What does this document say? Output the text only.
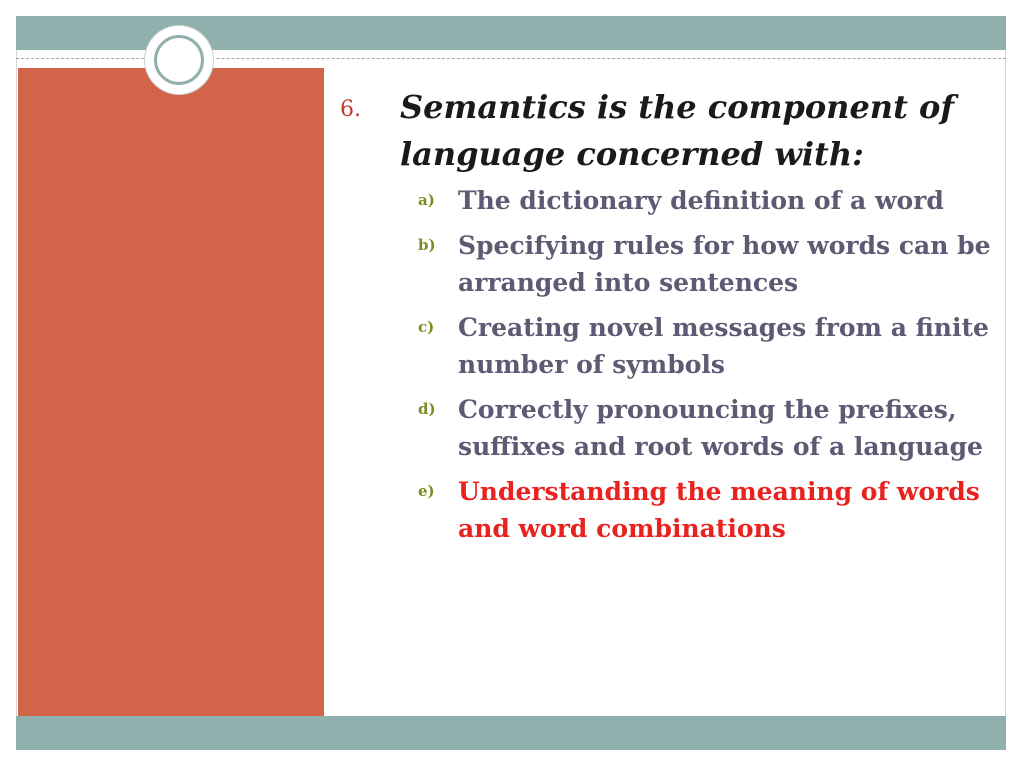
6. Semantics is the component of language concerned with:
a) The dictionary definition of a word
b) Specifying rules for how words can be arranged into sentences
c) Creating novel messages from a finite number of symbols
d) Correctly pronouncing the prefixes, suffixes and root words of a language
e) Understanding the meaning of words and word combinations
